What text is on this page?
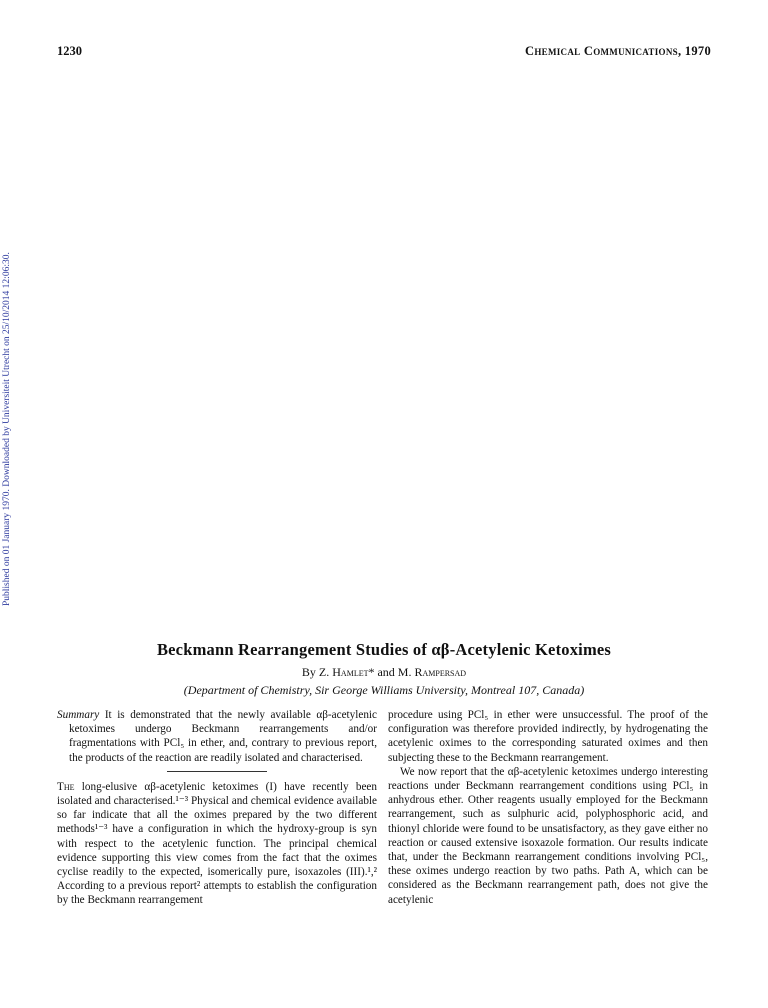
1230	Chemical Communications, 1970
Published on 01 January 1970. Downloaded by Universiteit Utrecht on 25/10/2014 12:06:30.
Beckmann Rearrangement Studies of αβ-Acetylenic Ketoximes
By Z. Hamlet* and M. Rampersad
(Department of Chemistry, Sir George Williams University, Montreal 107, Canada)

Summary It is demonstrated that the newly available αβ-acetylenic ketoximes undergo Beckmann rearrangements and/or fragmentations with PCl₅ in ether, and, contrary to previous report, the products of the reaction are readily isolated and characterised.

The long-elusive αβ-acetylenic ketoximes (I) have recently been isolated and characterised.¹⁻³ Physical and chemical evidence available so far indicate that all the oximes prepared by the two different methods¹⁻³ have a configuration in which the hydroxy-group is syn with respect to the acetylenic function. The principal chemical evidence supporting this view comes from the fact that the oximes cyclise readily to the expected, isomerically pure, isoxazoles (III).¹,² According to a previous report² attempts to establish the configuration by the Beckmann rearrangement

procedure using PCl₅ in ether were unsuccessful. The proof of the configuration was therefore provided indirectly, by hydrogenating the acetylenic oximes to the corresponding saturated oximes and then subjecting these to the Beckmann rearrangement.

We now report that the αβ-acetylenic ketoximes undergo interesting reactions under Beckmann rearrangement conditions using PCl₅ in anhydrous ether. Other reagents usually employed for the Beckmann rearrangement, such as sulphuric acid, polyphosphoric acid, and thionyl chloride were found to be unsatisfactory, as they gave either no reaction or caused extensive isoxazole formation. Our results indicate that, under the Beckmann rearrangement conditions involving PCl₅, these oximes undergo reaction by two paths. Path A, which can be considered as the Beckmann rearrangement path, does not give the acetylenic
